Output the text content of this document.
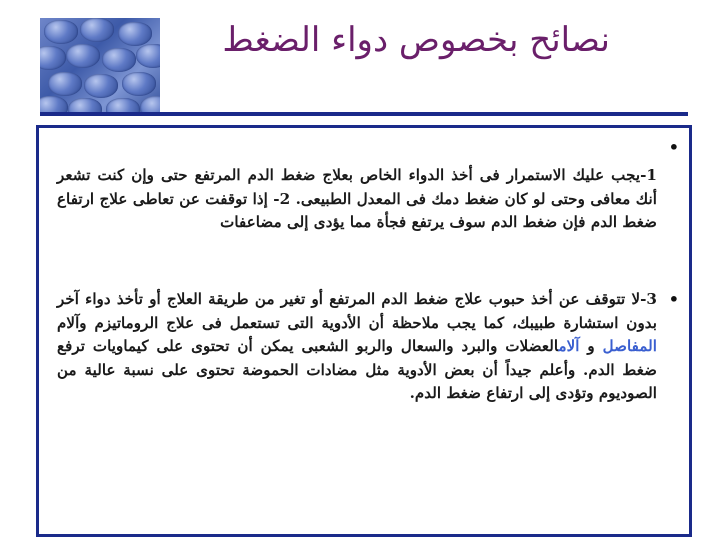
نصائح بخصوص دواء الضغط
•
1-يجب عليك الاستمرار فى أخذ الدواء الخاص بعلاج ضغط الدم المرتفع حتى وإن كنت تشعر أنك معافى وحتى لو كان ضغط دمك فى المعدل الطبيعى. 2- إذا توقفت عن تعاطى علاج ارتفاع ضغط الدم فإن ضغط الدم سوف يرتفع فجأة مما يؤدى إلى مضاعفات
•
3-لا تتوقف عن أخذ حبوب علاج ضغط الدم المرتفع أو تغير من طريقة العلاج أو تأخذ دواء آخر بدون استشارة طبيبك، كما يجب ملاحظة أن الأدوية التى تستعمل فى علاج الروماتيزم وآلام المفاصل و آلامالعضلات والبرد والسعال والربو الشعبى يمكن أن تحتوى على كيماويات ترفع ضغط الدم. وأعلم جيداً أن بعض الأدوية مثل مضادات الحموضة تحتوى على نسبة عالية من الصوديوم وتؤدى إلى ارتفاع ضغط الدم.
